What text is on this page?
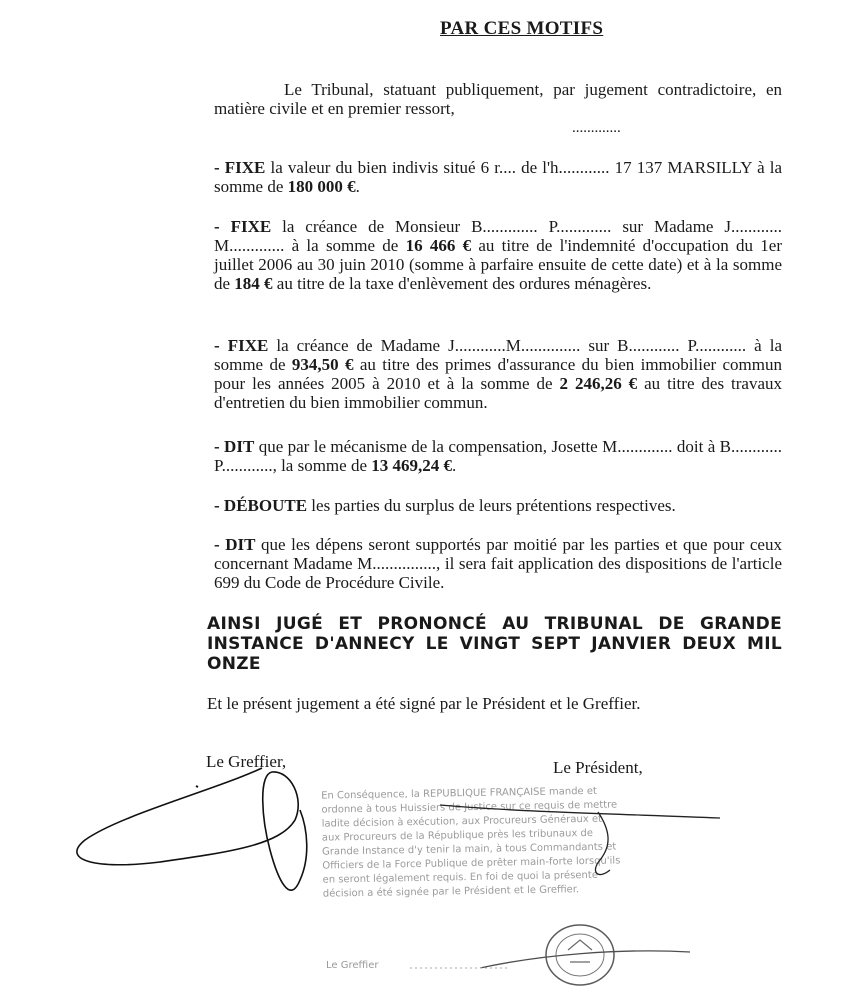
PAR CES MOTIFS
Le Tribunal, statuant publiquement, par jugement contradictoire, en matière civile et en premier ressort,
.............
- FIXE la valeur du bien indivis situé 6 r.... de l'h............ 17 137 MARSILLY à la somme de 180 000 €.
- FIXE la créance de Monsieur B............. P............. sur Madame J............ M............. à la somme de 16 466 € au titre de l'indemnité d'occupation du 1er juillet 2006 au 30 juin 2010 (somme à parfaire ensuite de cette date) et à la somme de 184 € au titre de la taxe d'enlèvement des ordures ménagères.
- FIXE la créance de Madame J............M.............. sur B............ P............ à la somme de 934,50 € au titre des primes d'assurance du bien immobilier commun pour les années 2005 à 2010 et à la somme de 2 246,26 € au titre des travaux d'entretien du bien immobilier commun.
- DIT que par le mécanisme de la compensation, Josette M............. doit à B............ P............, la somme de 13 469,24 €.
- DÉBOUTE les parties du surplus de leurs prétentions respectives.
- DIT que les dépens seront supportés par moitié par les parties et que pour ceux concernant Madame M..............., il sera fait application des dispositions de l'article 699 du Code de Procédure Civile.
AINSI JUGÉ ET PRONONCÉ AU TRIBUNAL DE GRANDE INSTANCE D'ANNECY LE VINGT SEPT JANVIER DEUX MIL ONZE
Et le présent jugement a été signé par le Président et le Greffier.
Le Greffier,	Le Président,
En Conséquence, la REPUBLIQUE FRANÇAISE mande et ordonne à tous Huissiers de Justice sur ce requis de mettre ladite décision à exécution, aux Procureurs Généraux et aux Procureurs de la République près les tribunaux de Grande Instance d'y tenir la main, à tous Commandants et Officiers de la Force Publique de prêter main-forte lorsqu'ils en seront légalement requis. En foi de quoi la présente décision a été signée par le Président et le Greffier.
Le Greffier
